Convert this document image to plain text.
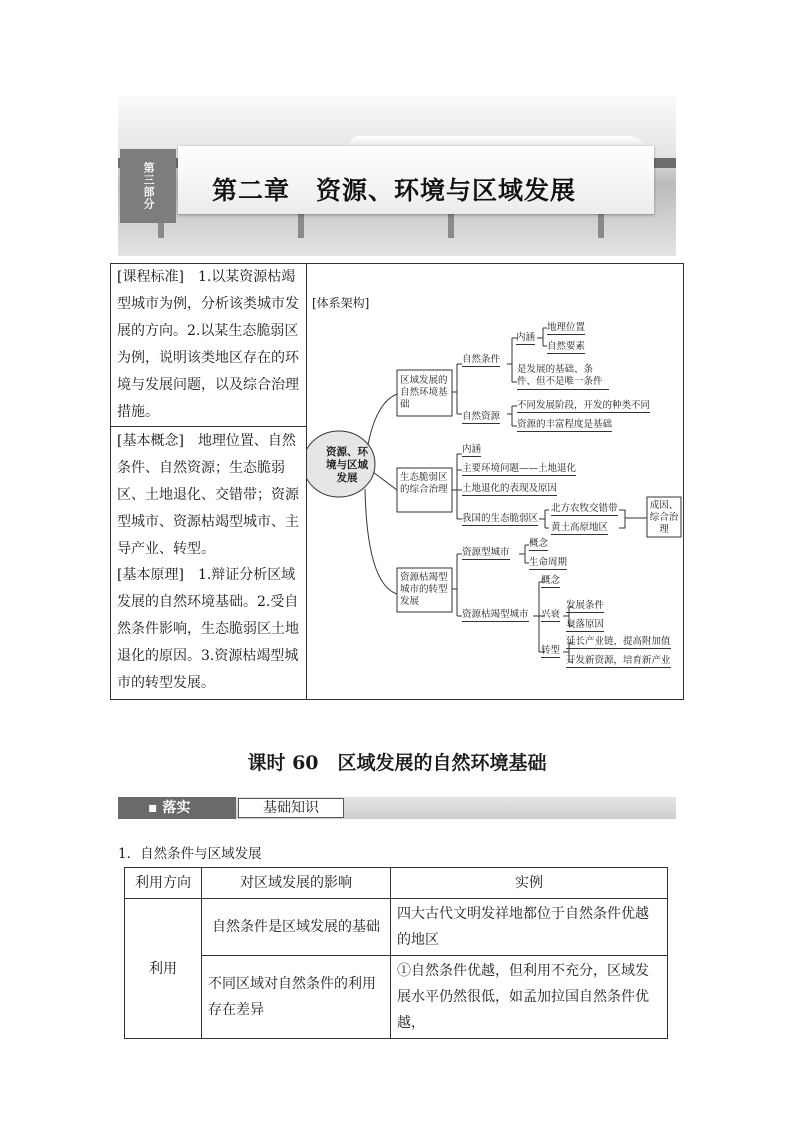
第三部分	第二章　资源、环境与区域发展
[课程标准]　 1.以某资源枯竭型城市为例，分析该类城市发展的方向。2.以某生态脆弱区为例，说明该类地区存在的环境与发展问题，以及综合治理措施。
[基本概念]　 地理位置、自然条件、自然资源；生态脆弱区、土地退化、交错带；资源型城市、资源枯竭型城市、主导产业、转型。
[基本原理]　 1.辩证分析区域发展的自然环境基础。2.受自然条件影响，生态脆弱区土地退化的原因。3.资源枯竭型城市的转型发展。
[体系架构]
资源、环境与区域发展
区域发展的自然环境基础
自然条件
内涵
地理位置
自然要素
是发展的基础、条件、但不是唯一条件
自然资源
不同发展阶段，开发的种类不同
资源的丰富程度是基础
生态脆弱区的综合治理
内涵
主要环境问题——土地退化
土地退化的表现及原因
我国的生态脆弱区
北方农牧交错带
黄土高原地区
成因、综合治理
资源枯竭型城市的转型发展
资源型城市
概念
生命周期
资源枯竭型城市
概念
兴衰
发展条件
衰落原因
转型
延长产业链，提高附加值
开发新资源，培育新产业
课时 60　区域发展的自然环境基础
▪ 落实	基础知识
1．自然条件与区域发展
利用方向	对区域发展的影响	实例
利用	自然条件是区域发展的基础	四大古代文明发祥地都位于自然条件优越的地区
	不同区域对自然条件的利用存在差异	①自然条件优越，但利用不充分，区域发展水平仍然很低，如孟加拉国自然条件优越，
